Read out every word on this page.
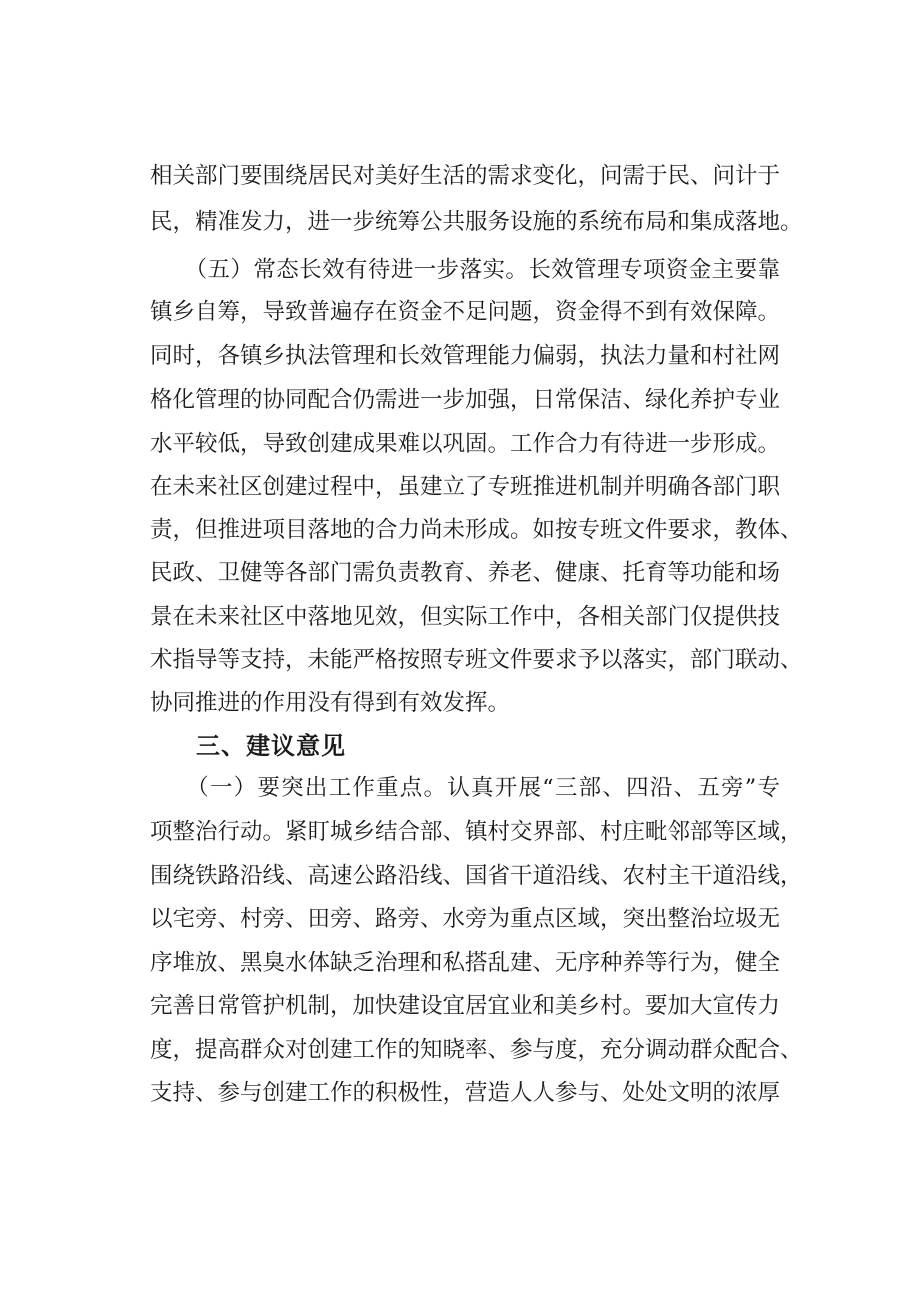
相关部门要围绕居民对美好生活的需求变化，问需于民、问计于
民，精准发力，进一步统筹公共服务设施的系统布局和集成落地。
　　（五）常态长效有待进一步落实。长效管理专项资金主要靠
镇乡自筹，导致普遍存在资金不足问题，资金得不到有效保障。
同时，各镇乡执法管理和长效管理能力偏弱，执法力量和村社网
格化管理的协同配合仍需进一步加强，日常保洁、绿化养护专业
水平较低，导致创建成果难以巩固。工作合力有待进一步形成。
在未来社区创建过程中，虽建立了专班推进机制并明确各部门职
责，但推进项目落地的合力尚未形成。如按专班文件要求，教体、
民政、卫健等各部门需负责教育、养老、健康、托育等功能和场
景在未来社区中落地见效，但实际工作中，各相关部门仅提供技
术指导等支持，未能严格按照专班文件要求予以落实，部门联动、
协同推进的作用没有得到有效发挥。
三、建议意见
　　（一）要突出工作重点。认真开展“三部、四沿、五旁”专
项整治行动。紧盯城乡结合部、镇村交界部、村庄毗邻部等区域，
围绕铁路沿线、高速公路沿线、国省干道沿线、农村主干道沿线，
以宅旁、村旁、田旁、路旁、水旁为重点区域，突出整治垃圾无
序堆放、黑臭水体缺乏治理和私搭乱建、无序种养等行为，健全
完善日常管护机制，加快建设宜居宜业和美乡村。要加大宣传力
度，提高群众对创建工作的知晓率、参与度，充分调动群众配合、
支持、参与创建工作的积极性，营造人人参与、处处文明的浓厚
